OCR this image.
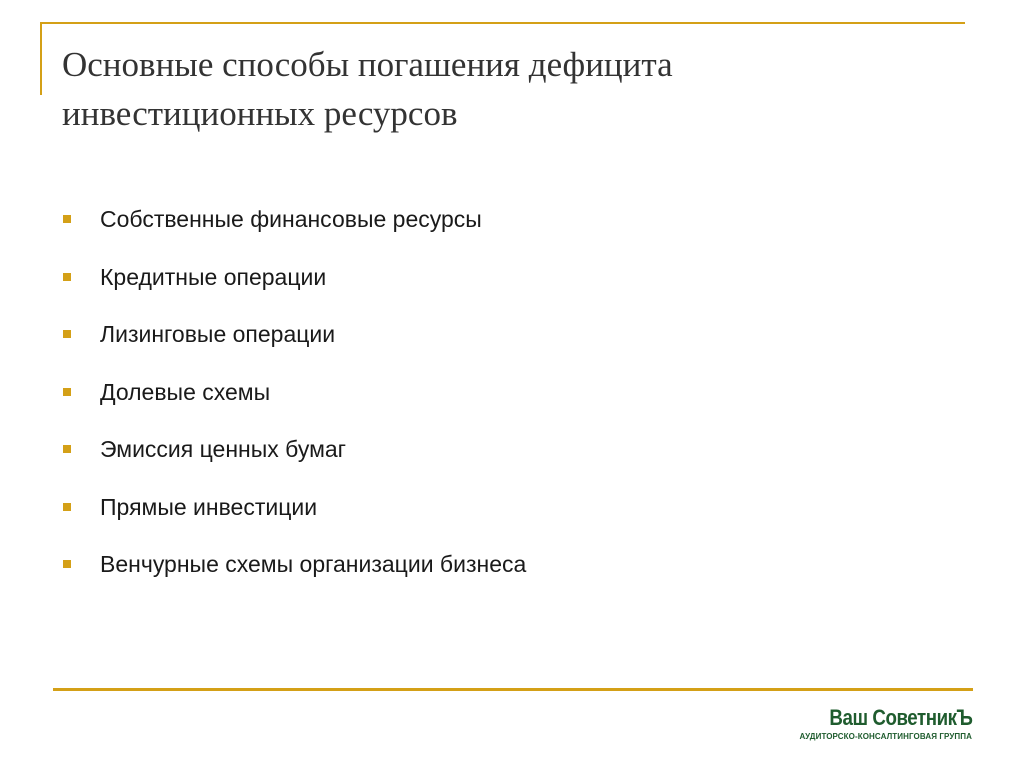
Основные способы погашения дефицита
инвестиционных ресурсов
Собственные финансовые ресурсы
Кредитные операции
Лизинговые операции
Долевые схемы
Эмиссия ценных бумаг
Прямые инвестиции
Венчурные схемы организации бизнеса
Ваш СоветникЪ
АУДИТОРСКО-КОНСАЛТИНГОВАЯ ГРУППА
